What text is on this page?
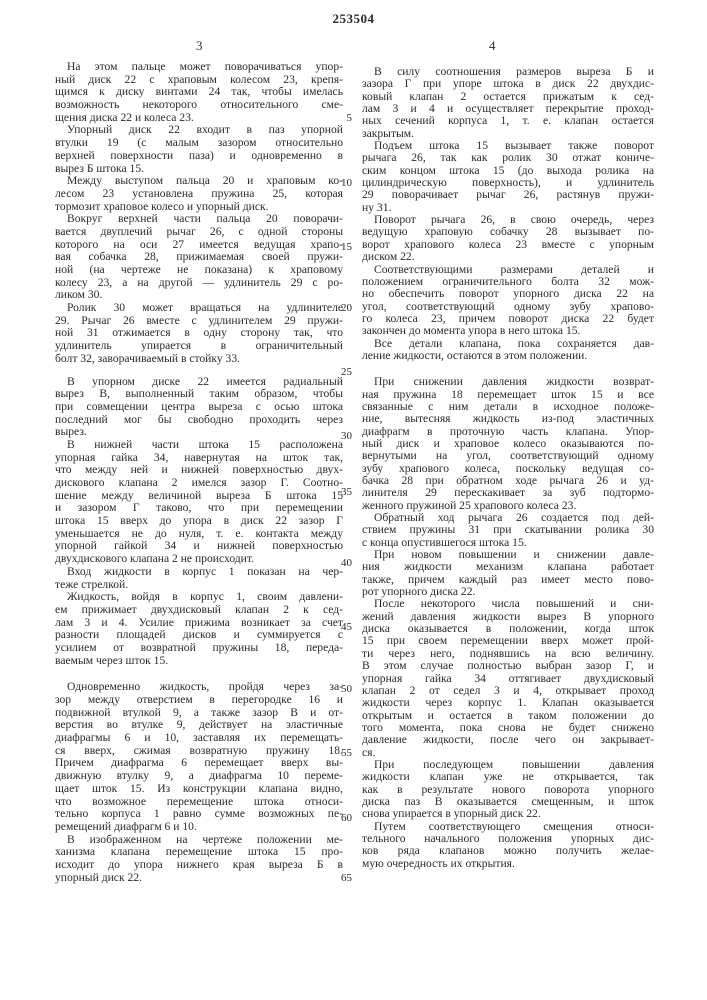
253504
3	4
На этом пальце может поворачиваться упор-
ный диск 22 с храповым колесом 23, крепя-
щимся к диску винтами 24 так, чтобы имелась
возможность некоторого относительного сме-
щения диска 22 и колеса 23.
Упорный диск 22 входит в паз упорной
втулки 19 (с малым зазором относительно
верхней поверхности паза) и одновременно в
вырез Б штока 15.
Между выступом пальца 20 и храповым ко-
лесом 23 установлена пружина 25, которая
тормозит храповое колесо и упорный диск.
Вокруг верхней части пальца 20 поворачи-
вается двуплечий рычаг 26, с одной стороны
которого на оси 27 имеется ведущая храпо-
вая собачка 28, прижимаемая своей пружи-
ной (на чертеже не показана) к храповому
колесу 23, а на другой — удлинитель 29 с ро-
ликом 30.
Ролик 30 может вращаться на удлинителе
29. Рычаг 26 вместе с удлинителем 29 пружи-
ной 31 отжимается в одну сторону так, что
удлинитель упирается в ограничительный
болт 32, заворачиваемый в стойку 33.
В упорном диске 22 имеется радиальный
вырез В, выполненный таким образом, чтобы
при совмещении центра выреза с осью штока
последний мог бы свободно проходить через
вырез.
В нижней части штока 15 расположена
упорная гайка 34, навернутая на шток так,
что между ней и нижней поверхностью двух-
дискового клапана 2 имелся зазор Г. Соотно-
шение между величиной выреза Б штока 15
и зазором Г таково, что при перемещении
штока 15 вверх до упора в диск 22 зазор Г
уменьшается не до нуля, т. е. контакта между
упорной гайкой 34 и нижней поверхностью
двухдискового клапана 2 не происходит.
Вход жидкости в корпус 1 показан на чер-
теже стрелкой.
Жидкость, войдя в корпус 1, своим давлени-
ем прижимает двухдисковый клапан 2 к сед-
лам 3 и 4. Усилие прижима возникает за счет
разности площадей дисков и суммируется с
усилием от возвратной пружины 18, переда-
ваемым через шток 15.
Одновременно жидкость, пройдя через за-
зор между отверстием в перегородке 16 и
подвижной втулкой 9, а также зазор В и от-
верстия во втулке 9, действует на эластичные
диафрагмы 6 и 10, заставляя их перемещать-
ся вверх, сжимая возвратную пружину 18.
Причем диафрагма 6 перемещает вверх вы-
движную втулку 9, а диафрагма 10 переме-
щает шток 15. Из конструкции клапана видно,
что возможное перемещение штока относи-
тельно корпуса 1 равно сумме возможных пе-
ремещений диафрагм 6 и 10.
В изображенном на чертеже положении ме-
ханизма клапана перемещение штока 15 про-
исходит до упора нижнего края выреза Б в
упорный диск 22.
В силу соотношения размеров выреза Б и
зазора Г при упоре штока в диск 22 двухдис-
ковый клапан 2 остается прижатым к сед-
лам 3 и 4 и осуществляет перекрытие проход-
ных сечений корпуса 1, т. е. клапан остается
закрытым.
Подъем штока 15 вызывает также поворот
рычага 26, так как ролик 30 отжат кониче-
ским концом штока 15 (до выхода ролика на
цилиндрическую поверхность), и удлинитель
29 поворачивает рычаг 26, растянув пружи-
ну 31.
Поворот рычага 26, в свою очередь, через
ведущую храповую собачку 28 вызывает по-
ворот храпового колеса 23 вместе с упорным
диском 22.
Соответствующими размерами деталей и
положением ограничительного болта 32 мож-
но обеспечить поворот упорного диска 22 на
угол, соответствующий одному зубу храпово-
го колеса 23, причем поворот диска 22 будет
закончен до момента упора в него штока 15.
Все детали клапана, пока сохраняется дав-
ление жидкости, остаются в этом положении.
При снижении давления жидкости возврат-
ная пружина 18 перемещает шток 15 и все
связанные с ним детали в исходное положе-
ние, вытесняя жидкость из-под эластичных
диафрагм в проточную часть клапана. Упор-
ный диск и храповое колесо оказываются по-
вернутыми на угол, соответствующий одному
зубу храпового колеса, поскольку ведущая со-
бачка 28 при обратном ходе рычага 26 и уд-
линителя 29 перескакивает за зуб подтормо-
женного пружиной 25 храпового колеса 23.
Обратный ход рычага 26 создается под дей-
ствием пружины 31 при скатывании ролика 30
с конца опустившегося штока 15.
При новом повышении и снижении давле-
ния жидкости механизм клапана работает
также, причем каждый раз имеет место пово-
рот упорного диска 22.
После некоторого числа повышений и сни-
жений давления жидкости вырез В упорного
диска оказывается в положении, когда шток
15 при своем перемещении вверх может прой-
ти через него, поднявшись на всю величину.
В этом случае полностью выбран зазор Г, и
упорная гайка 34 оттягивает двухдисковый
клапан 2 от седел 3 и 4, открывает проход
жидкости через корпус 1. Клапан оказывается
открытым и остается в таком положении до
того момента, пока снова не будет снижено
давление жидкости, после чего он закрывает-
ся.
При последующем повышении давления
жидкости клапан уже не открывается, так
как в результате нового поворота упорного
диска паз В оказывается смещенным, и шток
снова упирается в упорный диск 22.
Путем соответствующего смещения относи-
тельного начального положения упорных дис-
ков ряда клапанов можно получить желае-
мую очередность их открытия.
5
10
15
20
25
30
35
40
45
50
55
60
65
